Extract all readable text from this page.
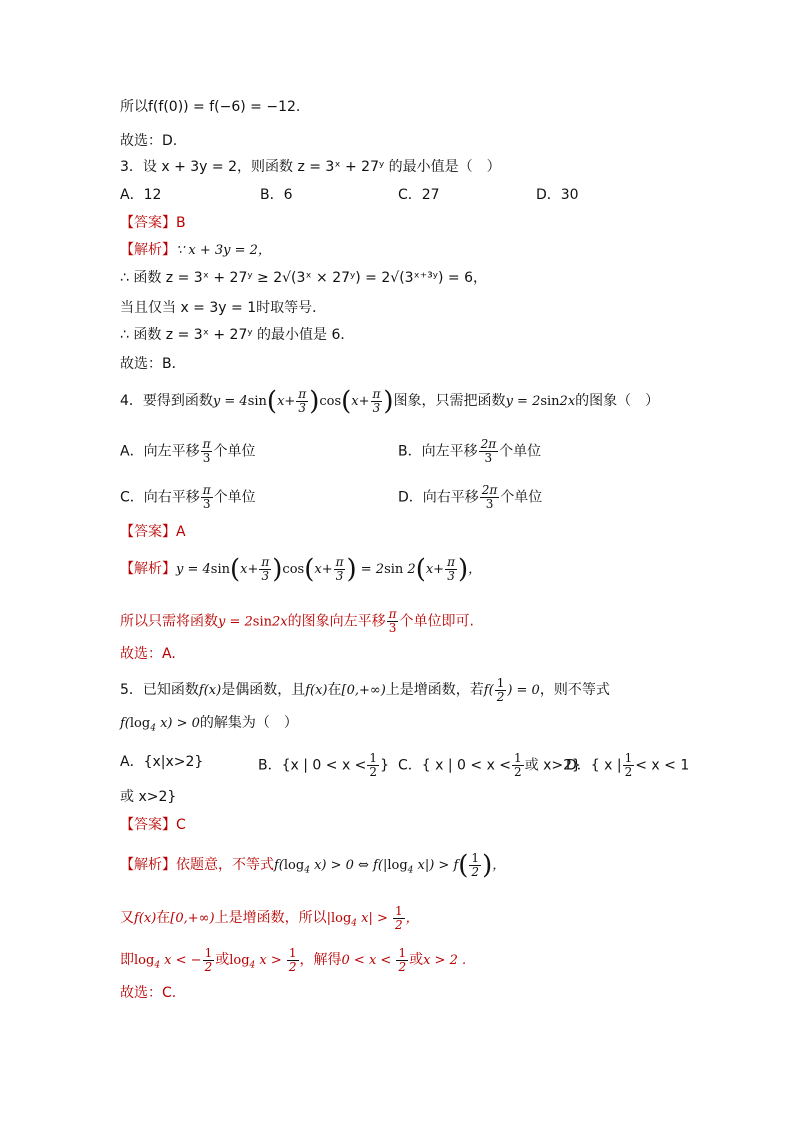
所以f(f(0)) = f(−6) = −12.
故选：D.
3．设 x + 3y = 2，则函数 z = 3ˣ + 27ʸ 的最小值是（　）
A．12	B．6	C．27	D．30
【答案】B
【解析】∵ x + 3y = 2，
∴ 函数 z = 3ˣ + 27ʸ ≥ 2√(3ˣ × 27ʸ) = 2√(3ˣ⁺³ʸ) = 6，
当且仅当 x = 3y = 1时取等号．
∴ 函数 z = 3ˣ + 27ʸ 的最小值是 6．
故选：B．
4．要得到函数$y = 4\sin(x+ \frac{\pi}{3} )\cos(x+ \frac{\pi}{3}$ )图象，只需把函数y = 2sin2x的图象（　）
A．向左平移 $\frac{\pi}{3}$ 个单位	B．向左平移 $\frac{2\pi}{3}$ 个单位
C．向右平移 $\frac{\pi}{3}$ 个单位	D．向右平移 $\frac{2\pi}{3}$ 个单位
【答案】A
【解析】$y = 4\sin(x+ \frac{\pi}{3} )\cos(x+ \frac{\pi}{3}$ ) = 2sin $2(x+ \frac{\pi}{3}$ )，
所以只需将函数y = 2sin2x的图象向左平移 $\frac{\pi}{3}$ 个单位即可.
故选：A.
5．已知函数f(x)是偶函数，且f(x)在[0,+∞)上是增函数，若$f( \frac{1}{2}$ ) = 0，则不等式
$f(\log_4$ x) > 0的解集为（　）
A．{x|x>2}	B．{x | $0 < x < \frac{1}{2}$ } C．{ x | $0 < x < \frac{1}{2}$ 或 x>2}
D．{ x | $\frac{1}{2} < x < 1$
或 x>2}
【答案】C
【解析】依题意，不等式$f(\log_4$ x) > 0 ⇔ $f(|\log_4$ $x|) > f( \frac{1}{2}$ )，
又f(x)在[0,+∞)上是增函数，所以$|\log_4$ $x| > \frac{1}{2}$ ，
即$\log_4 x$ < − $\frac{1}{2}$ 或$\log_4 x > \frac{1}{2}$ ，解得$0 < x < \frac{1}{2}$ 或x > 2 .
故选：C.
